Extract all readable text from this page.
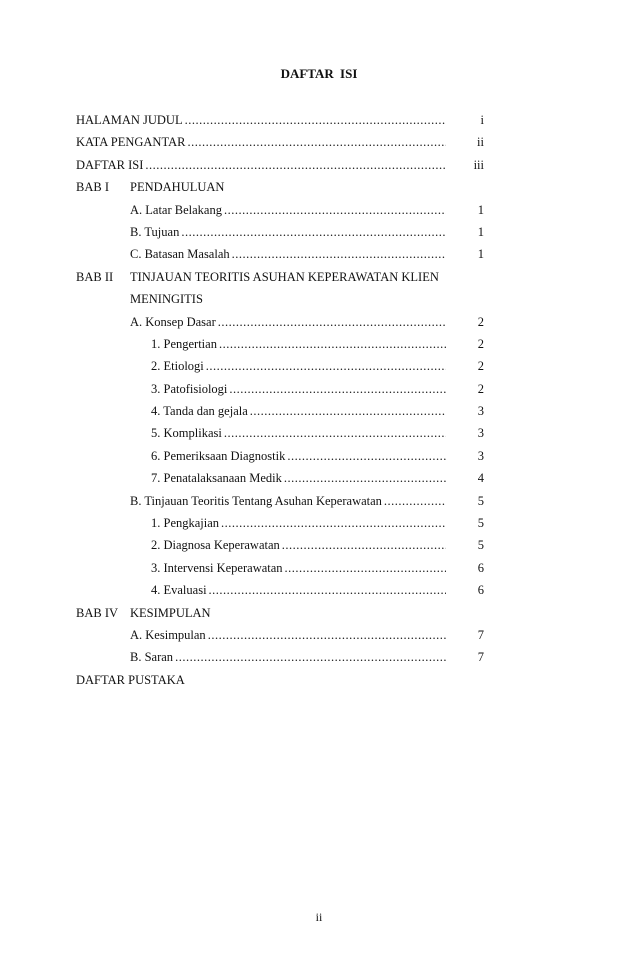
DAFTAR ISI
HALAMAN JUDUL .....	i
KATA PENGANTAR .....	ii
DAFTAR ISI .....	iii
BAB I	PENDAHULUAN
A. Latar Belakang .....	1
B. Tujuan .....	1
C. Batasan Masalah .....	1
BAB II	TINJAUAN TEORITIS ASUHAN KEPERAWATAN KLIEN
MENINGITIS
A. Konsep Dasar .....	2
1. Pengertian .....	2
2. Etiologi .....	2
3. Patofisiologi .....	2
4. Tanda dan gejala .....	3
5. Komplikasi .....	3
6. Pemeriksaan Diagnostik .....	3
7. Penatalaksanaan Medik .....	4
B. Tinjauan Teoritis Tentang Asuhan Keperawatan .....	5
1. Pengkajian .....	5
2. Diagnosa Keperawatan .....	5
3. Intervensi Keperawatan .....	6
4. Evaluasi .....	6
BAB IV KESIMPULAN
A. Kesimpulan .....	7
B. Saran .....	7
DAFTAR PUSTAKA
ii
